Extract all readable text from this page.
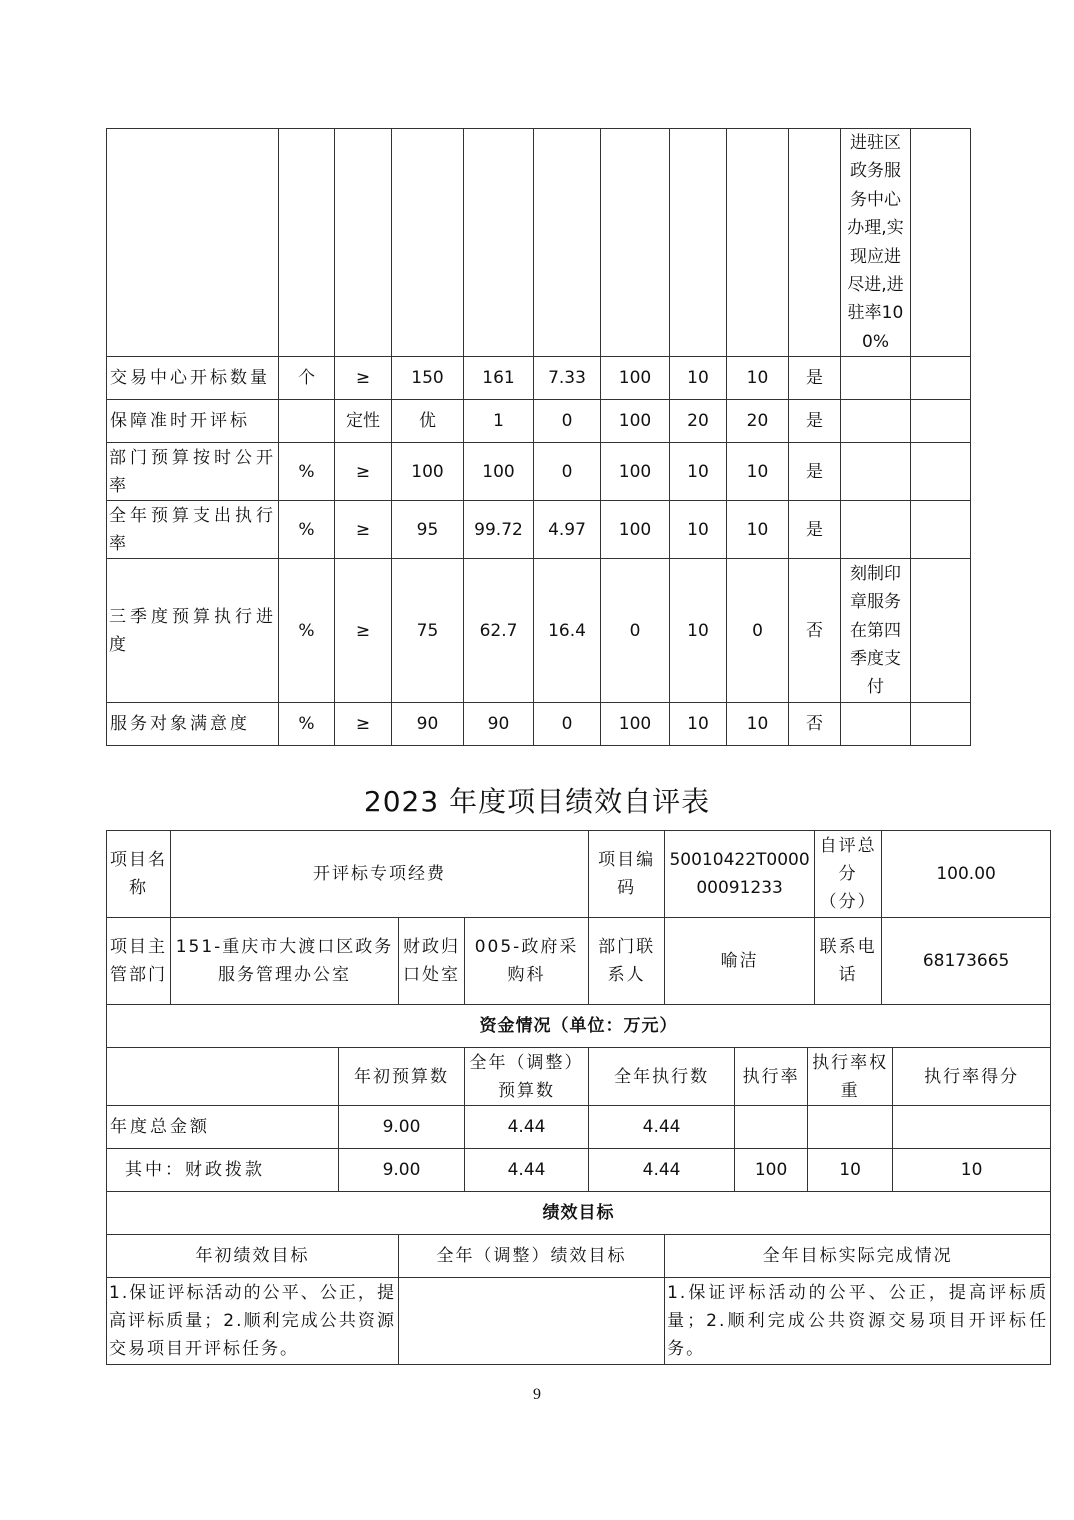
										进驻区政务服务中心办理,实现应进尽进,进驻率100%	
交易中心开标数量	个	≥	150	161	7.33	100	10	10	是		
保障准时开评标		定性	优	1	0	100	20	20	是		
部门预算按时公开率	%	≥	100	100	0	100	10	10	是		
全年预算支出执行率	%	≥	95	99.72	4.97	100	10	10	是		
三季度预算执行进度	%	≥	75	62.7	16.4	0	10	0	否	刻制印章服务在第四季度支付	
服务对象满意度	%	≥	90	90	0	100	10	10	否		
2023 年度项目绩效自评表
项目名称	开评标专项经费				项目编码	50010422T000000091233			自评总分（分）	100.00	
项目主管部门	151-重庆市大渡口区政务服务管理办公室		财政归口处室	005-政府采购科	部门联系人	喻洁			联系电话	68173665	
资金情况（单位：万元）											
		年初预算数		全年（调整）预算数	全年执行数		执行率	执行率权重			执行率得分
年度总金额		9.00		4.44	4.44						
其中：财政拨款		9.00		4.44	4.44		100	10			10
绩效目标											
年初绩效目标			全年（调整）绩效目标			全年目标实际完成情况					
1.保证评标活动的公平、公正，提高评标质量；2.顺利完成公共资源交易项目开评标任务。						1.保证评标活动的公平、公正，提高评标质量；2.顺利完成公共资源交易项目开评标任务。					
9
